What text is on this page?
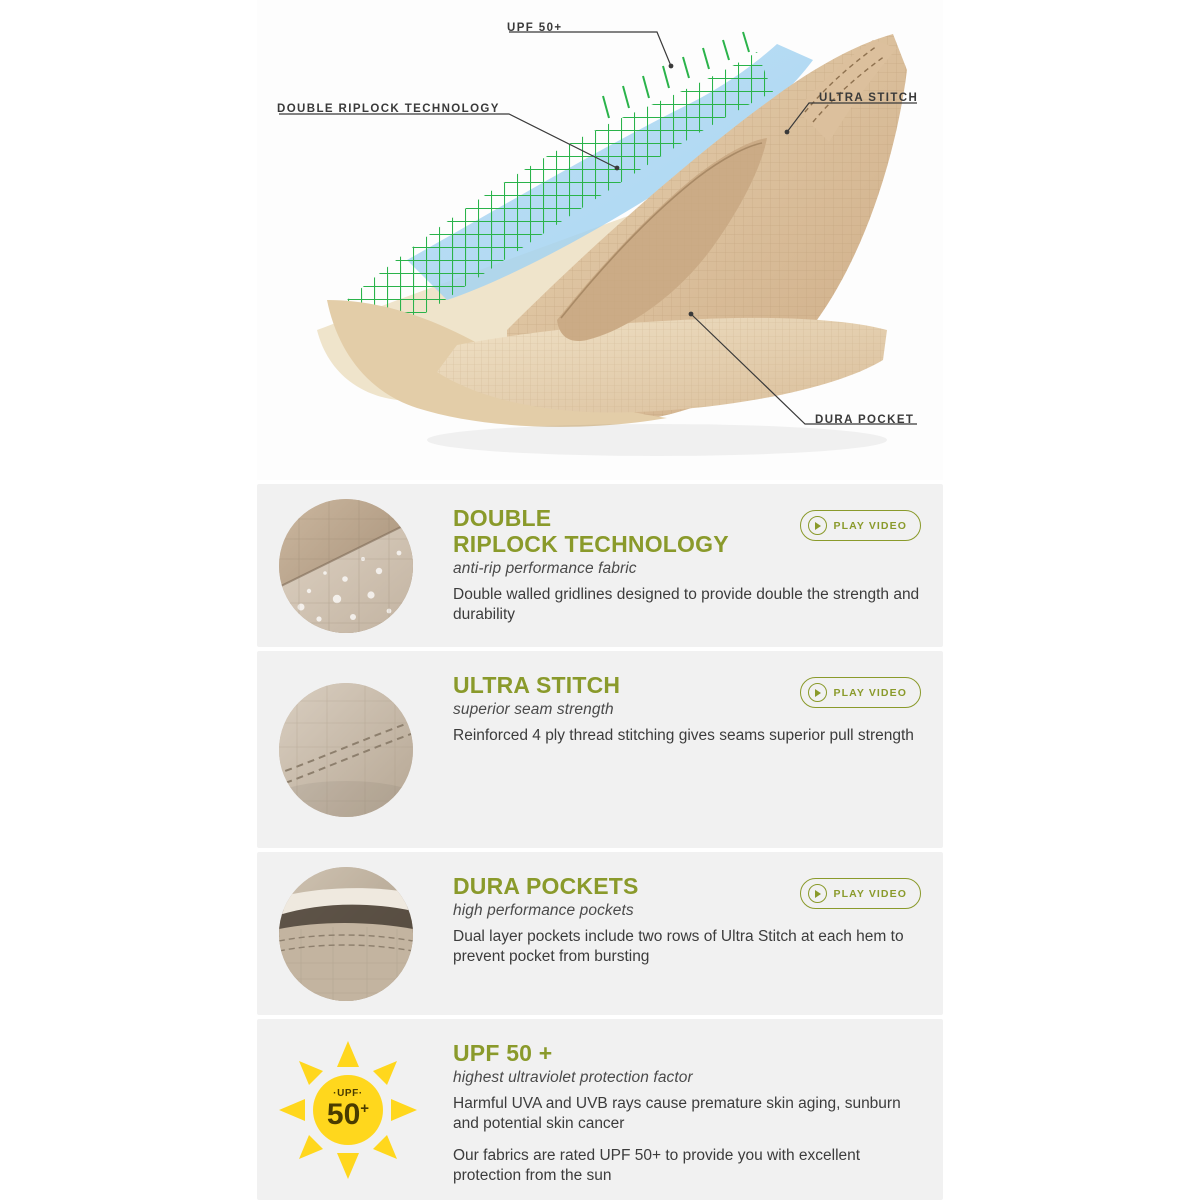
UPF 50+
DOUBLE RIPLOCK TECHNOLOGY
ULTRA STITCH
DURA POCKET
DOUBLE
RIPLOCK TECHNOLOGY

anti-rip performance fabric

Double walled gridlines designed to provide double the strength and durability

PLAY VIDEO
ULTRA STITCH

superior seam strength

Reinforced 4 ply thread stitching gives seams superior pull strength

PLAY VIDEO
DURA POCKETS

high performance pockets

Dual layer pockets include two rows of Ultra Stitch at each hem to prevent pocket from bursting

PLAY VIDEO
·UPF·
50+
UPF 50 +

highest ultraviolet protection factor

Harmful UVA and UVB rays cause premature skin aging, sunburn and potential skin cancer

Our fabrics are rated UPF 50+ to provide you with excellent protection from the sun
